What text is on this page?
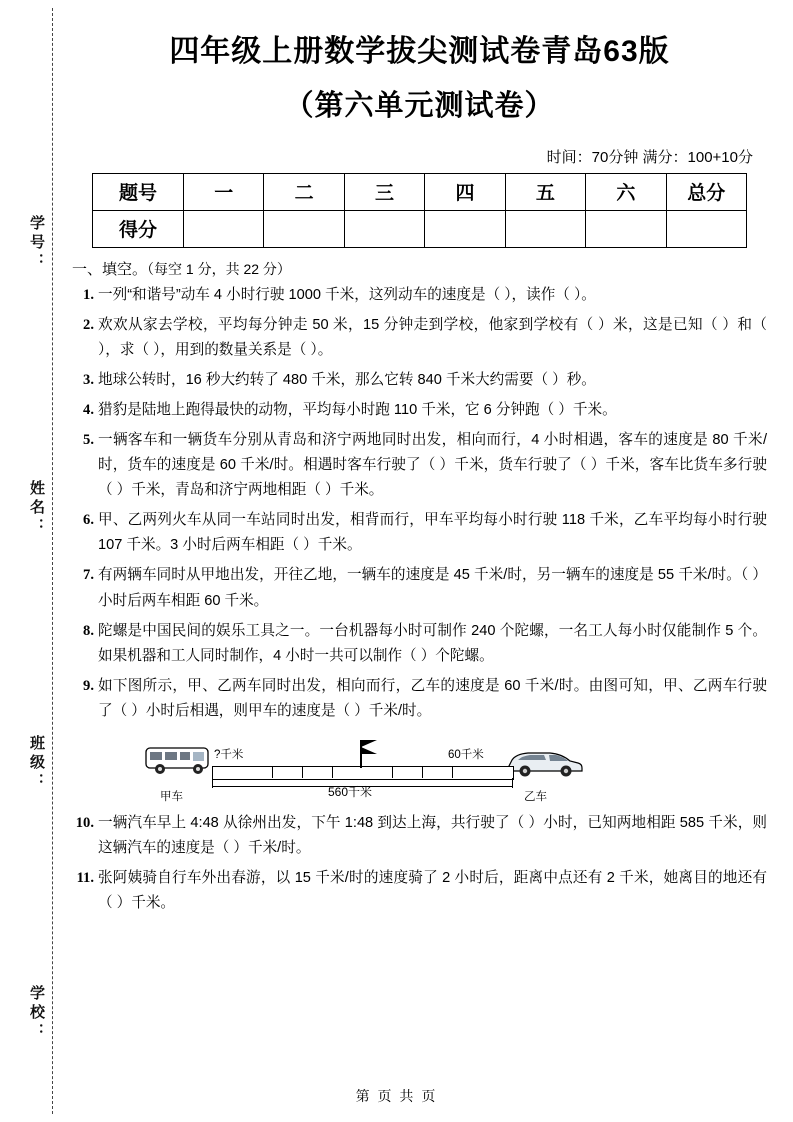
学号：
姓名：
班级：
学校：
四年级上册数学拔尖测试卷青岛63版
（第六单元测试卷）
时间：70分钟 满分：100+10分
题号	一	二	三	四	五	六	总分
得分							
一、填空。（每空 1 分，共 22 分）
1. 一列“和谐号”动车 4 小时行驶 1000 千米，这列动车的速度是（ ），读作（ ）。
2. 欢欢从家去学校，平均每分钟走 50 米，15 分钟走到学校，他家到学校有（ ）米，这是已知（ ）和（ ），求（ ），用到的数量关系是（ ）。
3. 地球公转时，16 秒大约转了 480 千米，那么它转 840 千米大约需要（ ）秒。
4. 猎豹是陆地上跑得最快的动物，平均每小时跑 110 千米，它 6 分钟跑（ ）千米。
5. 一辆客车和一辆货车分别从青岛和济宁两地同时出发，相向而行，4 小时相遇，客车的速度是 80 千米/时，货车的速度是 60 千米/时。相遇时客车行驶了（ ）千米，货车行驶了（ ）千米，客车比货车多行驶（ ）千米，青岛和济宁两地相距（ ）千米。
6. 甲、乙两列火车从同一车站同时出发，相背而行，甲车平均每小时行驶 118 千米，乙车平均每小时行驶 107 千米。3 小时后两车相距（ ）千米。
7. 有两辆车同时从甲地出发，开往乙地，一辆车的速度是 45 千米/时，另一辆车的速度是 55 千米/时。（ ）小时后两车相距 60 千米。
8. 陀螺是中国民间的娱乐工具之一。一台机器每小时可制作 240 个陀螺，一名工人每小时仅能制作 5 个。如果机器和工人同时制作，4 小时一共可以制作（ ）个陀螺。
9. 如下图所示，甲、乙两车同时出发，相向而行，乙车的速度是 60 千米/时。由图可知，甲、乙两车行驶了（ ）小时后相遇，则甲车的速度是（ ）千米/时。
?千米	60千米
560千米
甲车	乙车
10. 一辆汽车早上 4:48 从徐州出发，下午 1:48 到达上海，共行驶了（ ）小时，已知两地相距 585 千米，则这辆汽车的速度是（ ）千米/时。
11. 张阿姨骑自行车外出春游，以 15 千米/时的速度骑了 2 小时后，距离中点还有 2 千米，她离目的地还有（ ）千米。
第 页 共 页
